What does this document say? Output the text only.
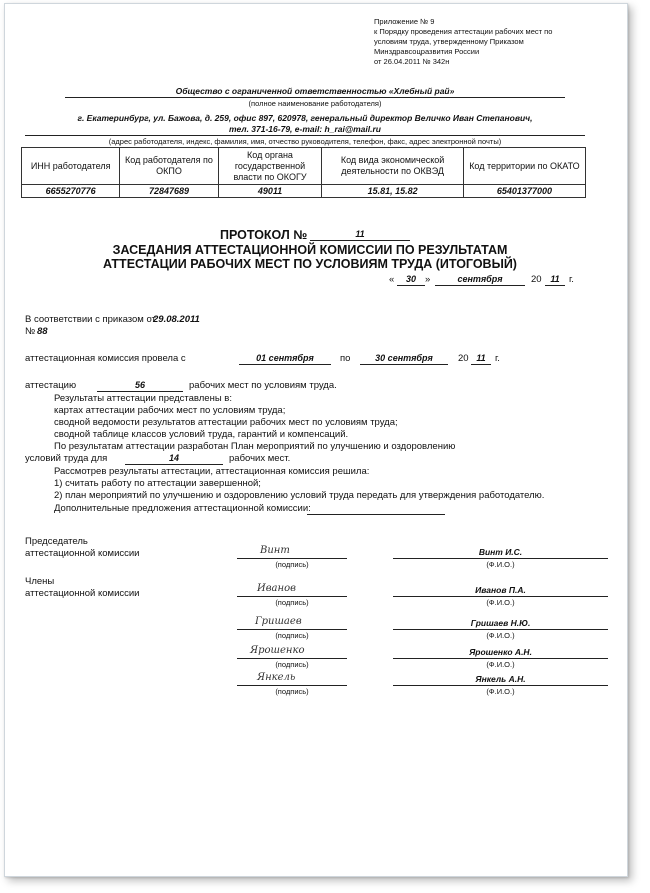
Приложение № 9
к Порядку проведения аттестации рабочих мест по
условиям труда, утвержденному Приказом
Минздравсоцразвития России
от 26.04.2011 № 342н
Общество с ограниченной ответственностью «Хлебный рай»
(полное наименование работодателя)
г. Екатеринбург, ул. Бажова, д. 259, офис 897, 620978, генеральный директор Величко Иван Степанович,
тел. 371-16-79, e-mail: h_rai@mail.ru
(адрес работодателя, индекс, фамилия, имя, отчество руководителя, телефон, факс, адрес электронной почты)
ИНН работодателя	Код работодателя по ОКПО	Код органа государственной власти по ОКОГУ	Код вида экономической деятельности по ОКВЭД	Код территории по ОКАТО
6655270776	72847689	49011	15.81, 15.82	65401377000
ПРОТОКОЛ №	11
ЗАСЕДАНИЯ АТТЕСТАЦИОННОЙ КОМИССИИ ПО РЕЗУЛЬТАТАМ
АТТЕСТАЦИИ РАБОЧИХ МЕСТ ПО УСЛОВИЯМ ТРУДА (ИТОГОВЫЙ)
«	30 »	сентября	20 11 г.
В соответствии с приказом от
29.08.2011
№ 88
аттестационная комиссия провела с	01 сентября	по	30 сентября	20 11 г.
аттестацию	56	рабочих мест по условиям труда.
Результаты аттестации представлены в:
картах аттестации рабочих мест по условиям труда;
сводной ведомости результатов аттестации рабочих мест по условиям труда;
сводной таблице классов условий труда, гарантий и компенсаций.
По результатам аттестации разработан План мероприятий по улучшению и оздоровлению
условий труда для	14	рабочих мест.
Рассмотрев результаты аттестации, аттестационная комиссия решила:
1) считать работу по аттестации завершенной;
2) план мероприятий по улучшению и оздоровлению условий труда передать для утверждения работодателю.
Дополнительные предложения аттестационной комиссии:
Председатель
аттестационной комиссии
Члены
аттестационной комиссии
Винт
(подпись)
Винт И.С.
(Ф.И.О.)
Иванов
(подпись)
Иванов П.А.
(Ф.И.О.)
Гришаев
(подпись)
Гришаев Н.Ю.
(Ф.И.О.)
Ярошенко
(подпись)
Ярошенко А.Н.
(Ф.И.О.)
Янкель
(подпись)
Янкель А.Н.
(Ф.И.О.)
